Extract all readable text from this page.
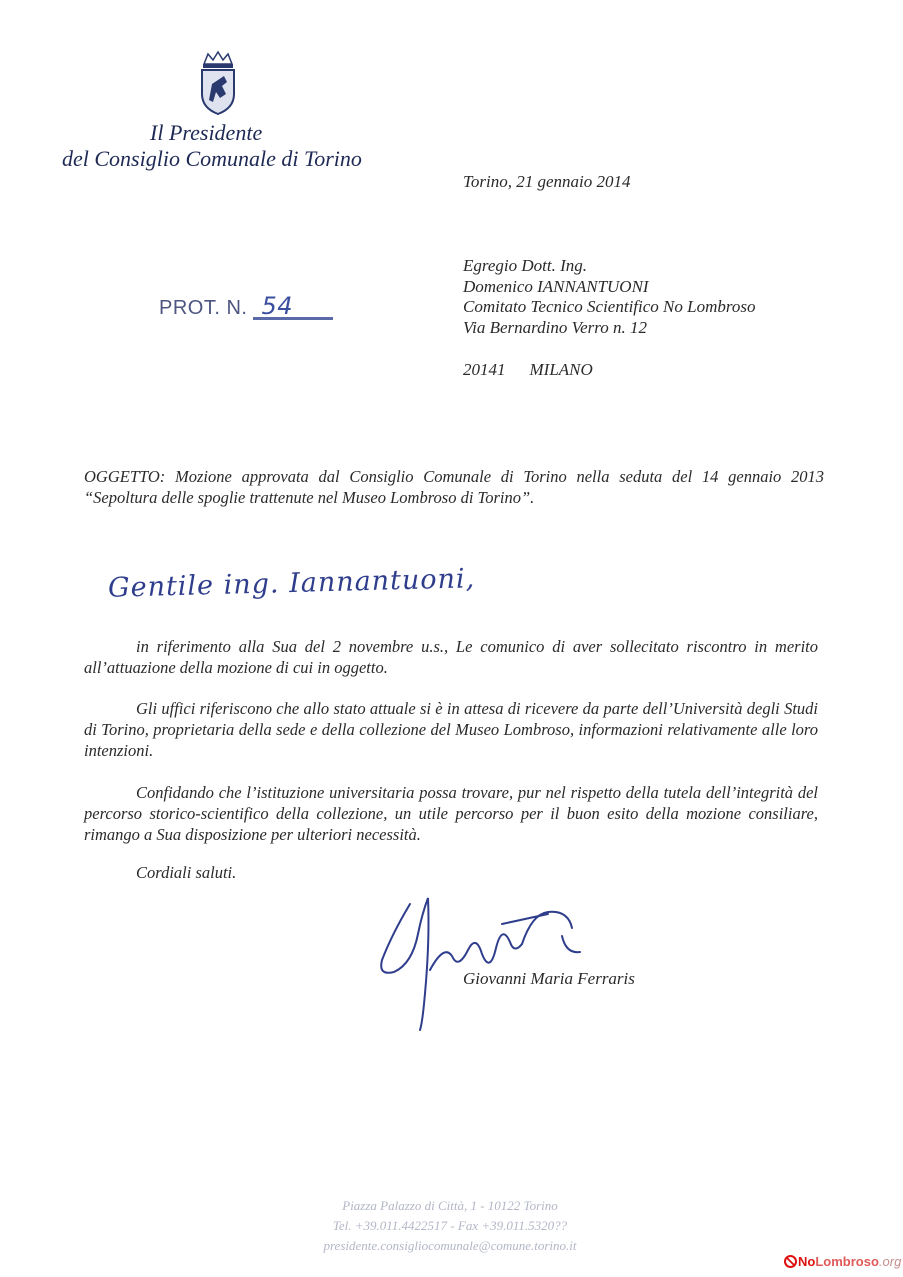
Il Presidente
del Consiglio Comunale di Torino
Torino, 21 gennaio 2014
PROT. N. 54
Egregio Dott. Ing.
Domenico IANNANTUONI
Comitato Tecnico Scientifico No Lombroso
Via Bernardino Verro n. 12
20141 MILANO
OGGETTO: Mozione approvata dal Consiglio Comunale di Torino nella seduta del 14 gennaio 2013 “Sepoltura delle spoglie trattenute nel Museo Lombroso di Torino”.
Gentile ing. Iannantuoni,
in riferimento alla Sua del 2 novembre u.s., Le comunico di aver sollecitato riscontro in merito all’attuazione della mozione di cui in oggetto.
Gli uffici riferiscono che allo stato attuale si è in attesa di ricevere da parte dell’Università degli Studi di Torino, proprietaria della sede e della collezione del Museo Lombroso, informazioni relativamente alle loro intenzioni.
Confidando che l’istituzione universitaria possa trovare, pur nel rispetto della tutela dell’integrità del percorso storico-scientifico della collezione, un utile percorso per il buon esito della mozione consiliare, rimango a Sua disposizione per ulteriori necessità.
Cordiali saluti.
Giovanni Maria Ferraris
Piazza Palazzo di Città, 1 - 10122 Torino
Tel. +39.011.4422517 - Fax +39.011.5320??
presidente.consigliocomunale@comune.torino.it
NoLombroso.org
